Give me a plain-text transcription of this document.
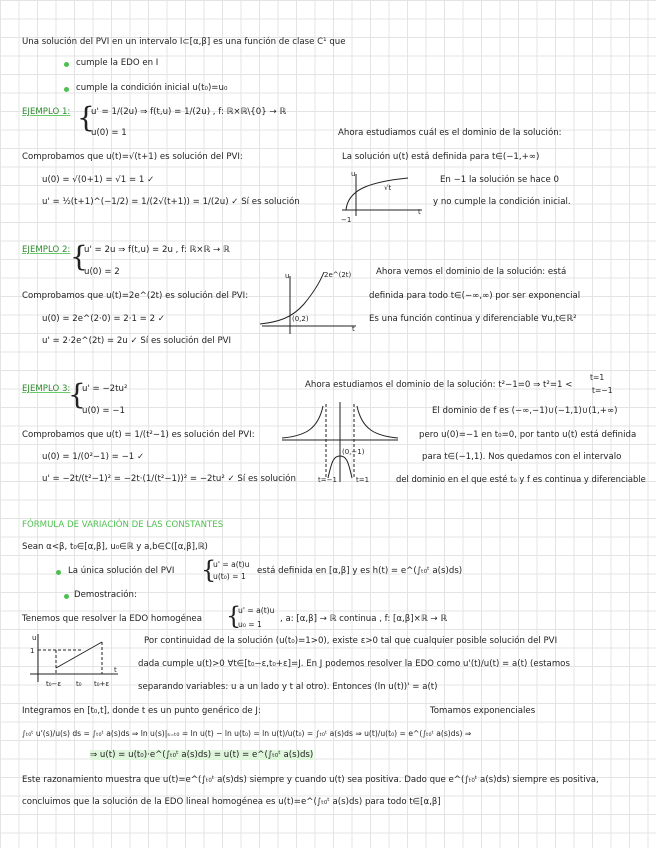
Una solución del PVI en un intervalo I⊂[α,β] es una función de clase C¹ que
cumple la EDO en I
cumple la condición inicial u(t₀)=u₀
EJEMPLO 1: {
u' = 1/(2u) ⇒ f(t,u) = 1/(2u) , f: ℝ×ℝ\{0} → ℝ
u(0) = 1
Comprobamos que u(t)=√(t+1) es solución del PVI:
u(0) = √(0+1) = √1 = 1 ✓
u' = ½(t+1)^(−1/2) = 1/(2√(t+1)) = 1/(2u) ✓ Sí es solución
Ahora estudiamos cuál es el dominio de la solución:
La solución u(t) está definida para t∈(−1,+∞)
En −1 la solución se hace 0
y no cumple la condición inicial.
u
t
√t
−1
EJEMPLO 2: {
u' = 2u ⇒ f(t,u) = 2u , f: ℝ×ℝ → ℝ
u(0) = 2
Comprobamos que u(t)=2e^(2t) es solución del PVI:
u(0) = 2e^(2·0) = 2·1 = 2 ✓
u' = 2·2e^(2t) = 2u ✓ Sí es solución del PVI
Ahora vemos el dominio de la solución: está
definida para todo t∈(−∞,∞) por ser exponencial
Es una función continua y diferenciable ∀u,t∈ℝ²
u
t
2e^(2t)
(0,2)
EJEMPLO 3:
{
u' = −2tu²
u(0) = −1
Comprobamos que u(t) = 1/(t²−1) es solución del PVI:
u(0) = 1/(0²−1) = −1 ✓
u' = −2t/(t²−1)² = −2t·(1/(t²−1))² = −2tu² ✓ Sí es solución
Ahora estudiamos el dominio de la solución: t²−1=0 ⇒ t²=1 <
t=1
t=−1
El dominio de f es (−∞,−1)∪(−1,1)∪(1,+∞)
pero u(0)=−1 en t₀=0, por tanto u(t) está definida
para t∈(−1,1). Nos quedamos con el intervalo
del dominio en el que esté t₀ y f es continua y diferenciable
(0,−1)
t=−1	t=1
FÓRMULA DE VARIACIÓN DE LAS CONSTANTES
Sean α<β, t₀∈[α,β], u₀∈ℝ y a,b∈C([α,β],ℝ)
La única solución del PVI {
u' = a(t)u
u(t₀) = 1
está definida en [α,β] y es h(t) = e^(∫ₜ₀ᵗ a(s)ds)
Demostración:
Tenemos que resolver la EDO homogénea {
u' = a(t)u
u₀ = 1
, a: [α,β] → ℝ continua , f: [α,β]×ℝ → ℝ
u
1
t
t₀−ε t₀ t₀+ε
Por continuidad de la solución (u(t₀)=1>0), existe ε>0 tal que cualquier posible solución del PVI
dada cumple u(t)>0 ∀t∈[t₀−ε,t₀+ε]=J. En J podemos resolver la EDO como u'(t)/u(t) = a(t) (estamos
separando variables: u a un lado y t al otro). Entonces (ln u(t))' = a(t)
Integramos en [t₀,t], donde t es un punto genérico de J:	Tomamos exponenciales
∫ₜ₀ᵗ u'(s)/u(s) ds = ∫ₜ₀ᵗ a(s)ds ⇒ ln u(s)|ₛ₌ₜ₀ = ln u(t) − ln u(t₀) = ln u(t)/u(t₀) = ∫ₜ₀ᵗ a(s)ds ⇒ u(t)/u(t₀) = e^(∫ₜ₀ᵗ a(s)ds) ⇒
⇒ u(t) = u(t₀)·e^(∫ₜ₀ᵗ a(s)ds) = u(t) = e^(∫ₜ₀ᵗ a(s)ds)
Este razonamiento muestra que u(t)=e^(∫ₜ₀ᵗ a(s)ds) siempre y cuando u(t) sea positiva. Dado que e^(∫ₜ₀ᵗ a(s)ds) siempre es positiva,
concluimos que la solución de la EDO lineal homogénea es u(t)=e^(∫ₜ₀ᵗ a(s)ds) para todo t∈[α,β]
